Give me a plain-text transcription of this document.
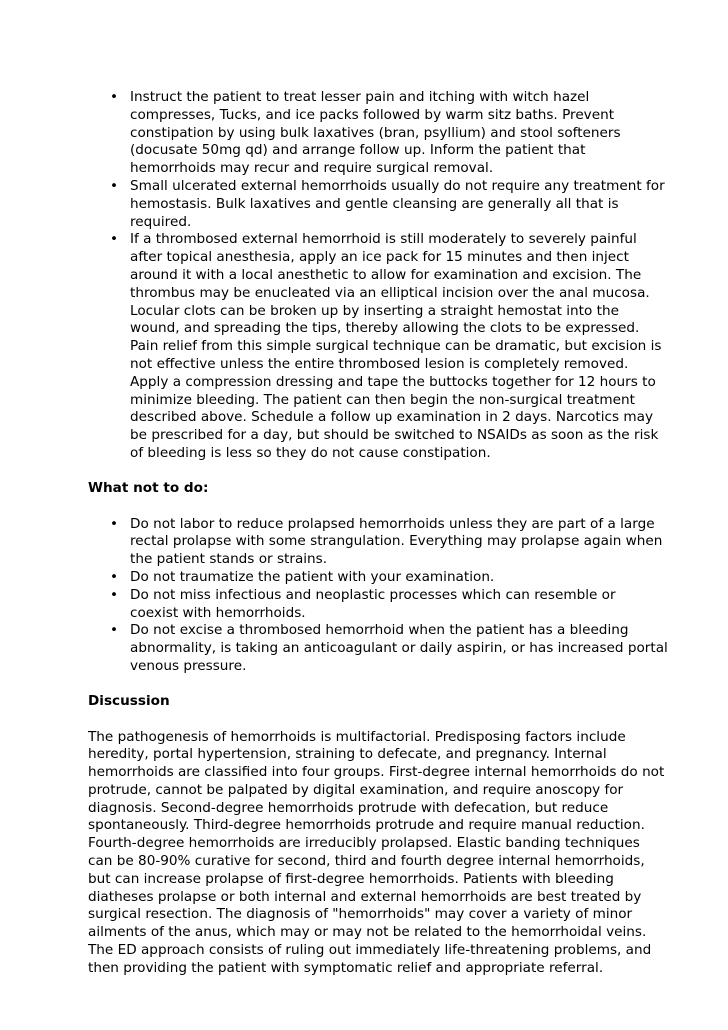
• Instruct the patient to treat lesser pain and itching with witch hazel compresses, Tucks, and ice packs followed by warm sitz baths. Prevent constipation by using bulk laxatives (bran, psyllium) and stool softeners (docusate 50mg qd) and arrange follow up. Inform the patient that hemorrhoids may recur and require surgical removal.
• Small ulcerated external hemorrhoids usually do not require any treatment for hemostasis. Bulk laxatives and gentle cleansing are generally all that is required.
• If a thrombosed external hemorrhoid is still moderately to severely painful after topical anesthesia, apply an ice pack for 15 minutes and then inject around it with a local anesthetic to allow for examination and excision. The thrombus may be enucleated via an elliptical incision over the anal mucosa. Locular clots can be broken up by inserting a straight hemostat into the wound, and spreading the tips, thereby allowing the clots to be expressed. Pain relief from this simple surgical technique can be dramatic, but excision is not effective unless the entire thrombosed lesion is completely removed. Apply a compression dressing and tape the buttocks together for 12 hours to minimize bleeding. The patient can then begin the non-surgical treatment described above. Schedule a follow up examination in 2 days. Narcotics may be prescribed for a day, but should be switched to NSAIDs as soon as the risk of bleeding is less so they do not cause constipation.

What not to do:

• Do not labor to reduce prolapsed hemorrhoids unless they are part of a large rectal prolapse with some strangulation. Everything may prolapse again when the patient stands or strains.
• Do not traumatize the patient with your examination.
• Do not miss infectious and neoplastic processes which can resemble or coexist with hemorrhoids.
• Do not excise a thrombosed hemorrhoid when the patient has a bleeding abnormality, is taking an anticoagulant or daily aspirin, or has increased portal venous pressure.

Discussion

The pathogenesis of hemorrhoids is multifactorial. Predisposing factors include heredity, portal hypertension, straining to defecate, and pregnancy. Internal hemorrhoids are classified into four groups. First-degree internal hemorrhoids do not protrude, cannot be palpated by digital examination, and require anoscopy for diagnosis. Second-degree hemorrhoids protrude with defecation, but reduce spontaneously. Third-degree hemorrhoids protrude and require manual reduction. Fourth-degree hemorrhoids are irreducibly prolapsed. Elastic banding techniques can be 80-90% curative for second, third and fourth degree internal hemorrhoids, but can increase prolapse of first-degree hemorrhoids. Patients with bleeding diatheses prolapse or both internal and external hemorrhoids are best treated by surgical resection. The diagnosis of "hemorrhoids" may cover a variety of minor ailments of the anus, which may or may not be related to the hemorrhoidal veins. The ED approach consists of ruling out immediately life-threatening problems, and then providing the patient with symptomatic relief and appropriate referral.
